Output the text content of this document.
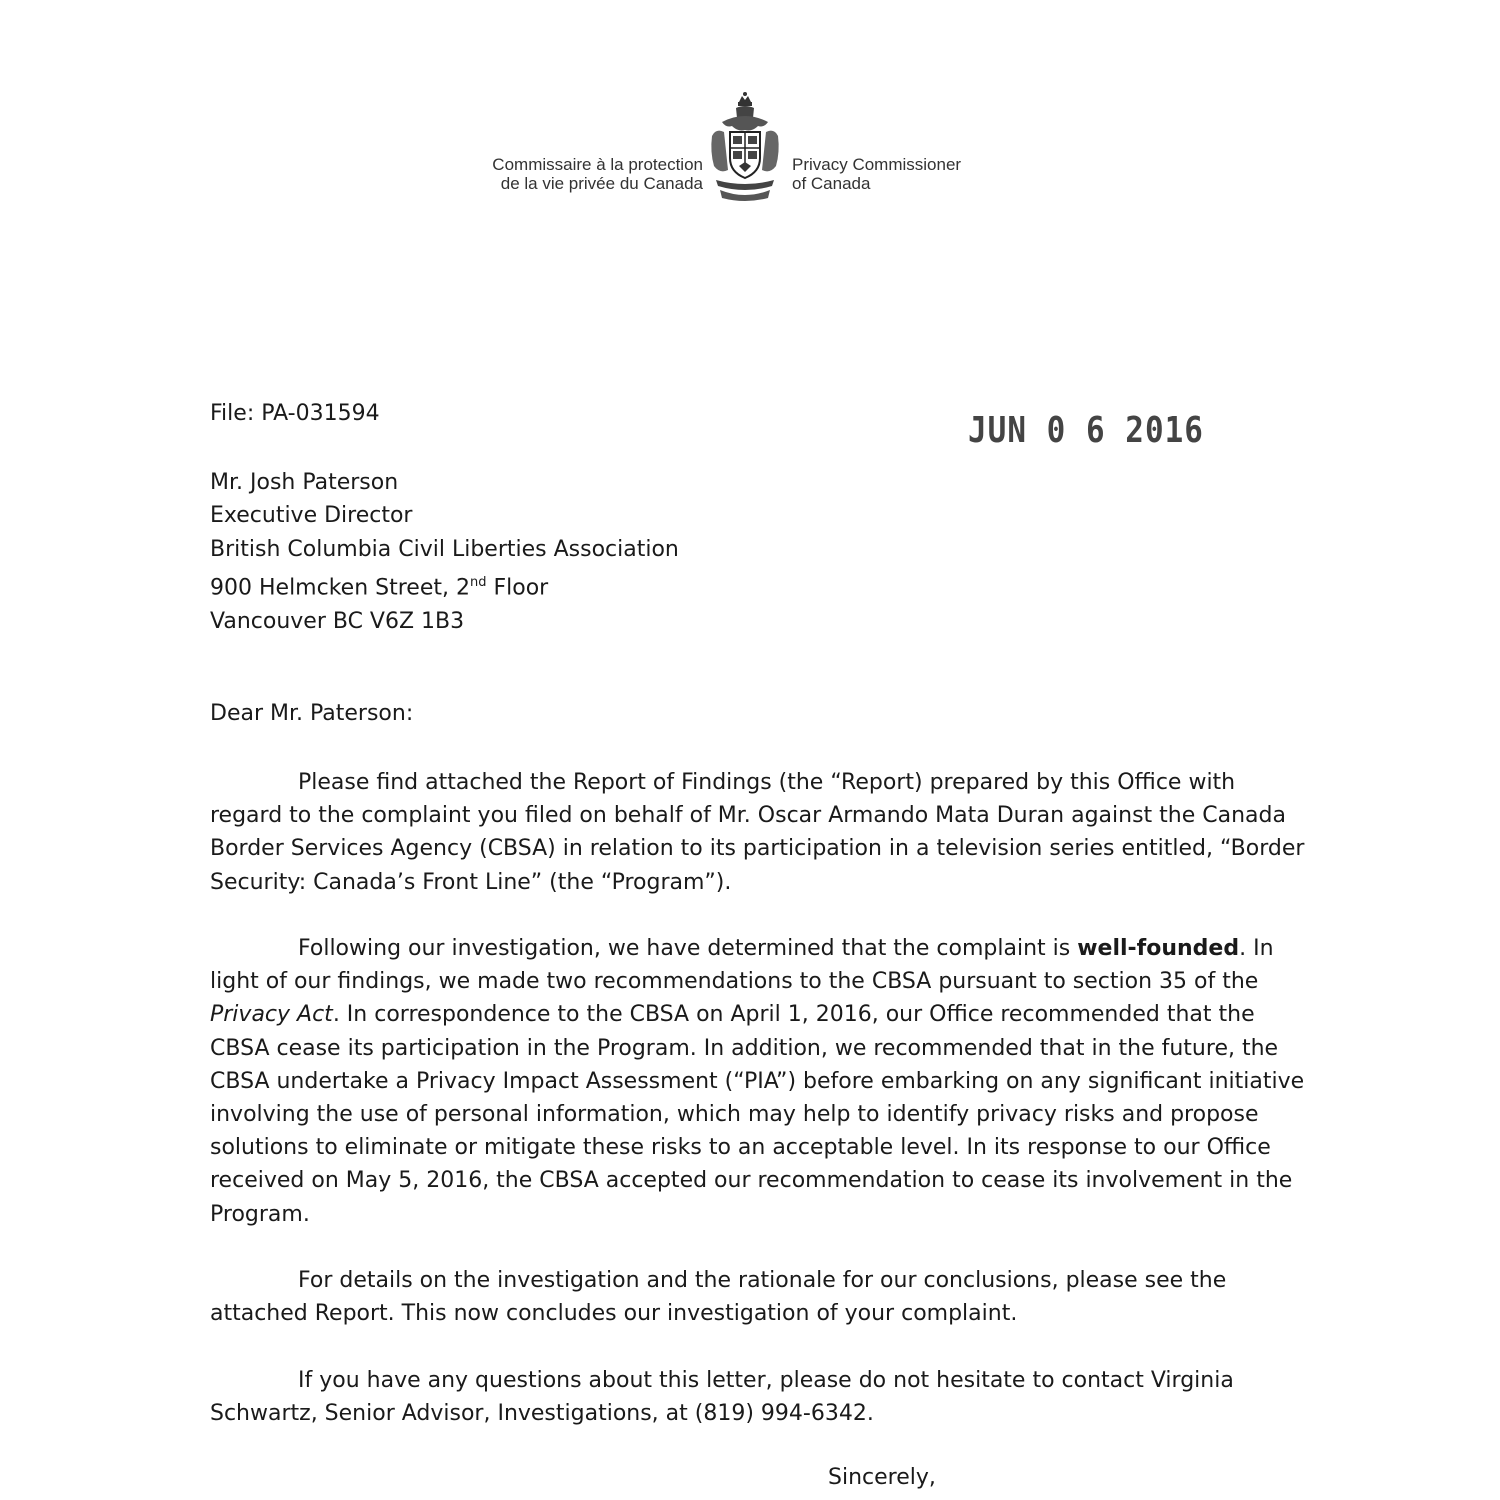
Commissaire à la protection
de la vie privée du Canada
Privacy Commissioner
of Canada
File: PA-031594	JUN 0 6 2016
Mr. Josh Paterson
Executive Director
British Columbia Civil Liberties Association
900 Helmcken Street, 2nd Floor
Vancouver BC V6Z 1B3
Dear Mr. Paterson:
Please find attached the Report of Findings (the “Report) prepared by this Office with
regard to the complaint you filed on behalf of Mr. Oscar Armando Mata Duran against the Canada
Border Services Agency (CBSA) in relation to its participation in a television series entitled, “Border
Security: Canada’s Front Line” (the “Program”).
Following our investigation, we have determined that the complaint is well-founded. In
light of our findings, we made two recommendations to the CBSA pursuant to section 35 of the
Privacy Act. In correspondence to the CBSA on April 1, 2016, our Office recommended that the
CBSA cease its participation in the Program. In addition, we recommended that in the future, the
CBSA undertake a Privacy Impact Assessment (“PIA”) before embarking on any significant initiative
involving the use of personal information, which may help to identify privacy risks and propose
solutions to eliminate or mitigate these risks to an acceptable level. In its response to our Office
received on May 5, 2016, the CBSA accepted our recommendation to cease its involvement in the
Program.
For details on the investigation and the rationale for our conclusions, please see the
attached Report. This now concludes our investigation of your complaint.
If you have any questions about this letter, please do not hesitate to contact Virginia
Schwartz, Senior Advisor, Investigations, at (819) 994-6342.
Sincerely,
